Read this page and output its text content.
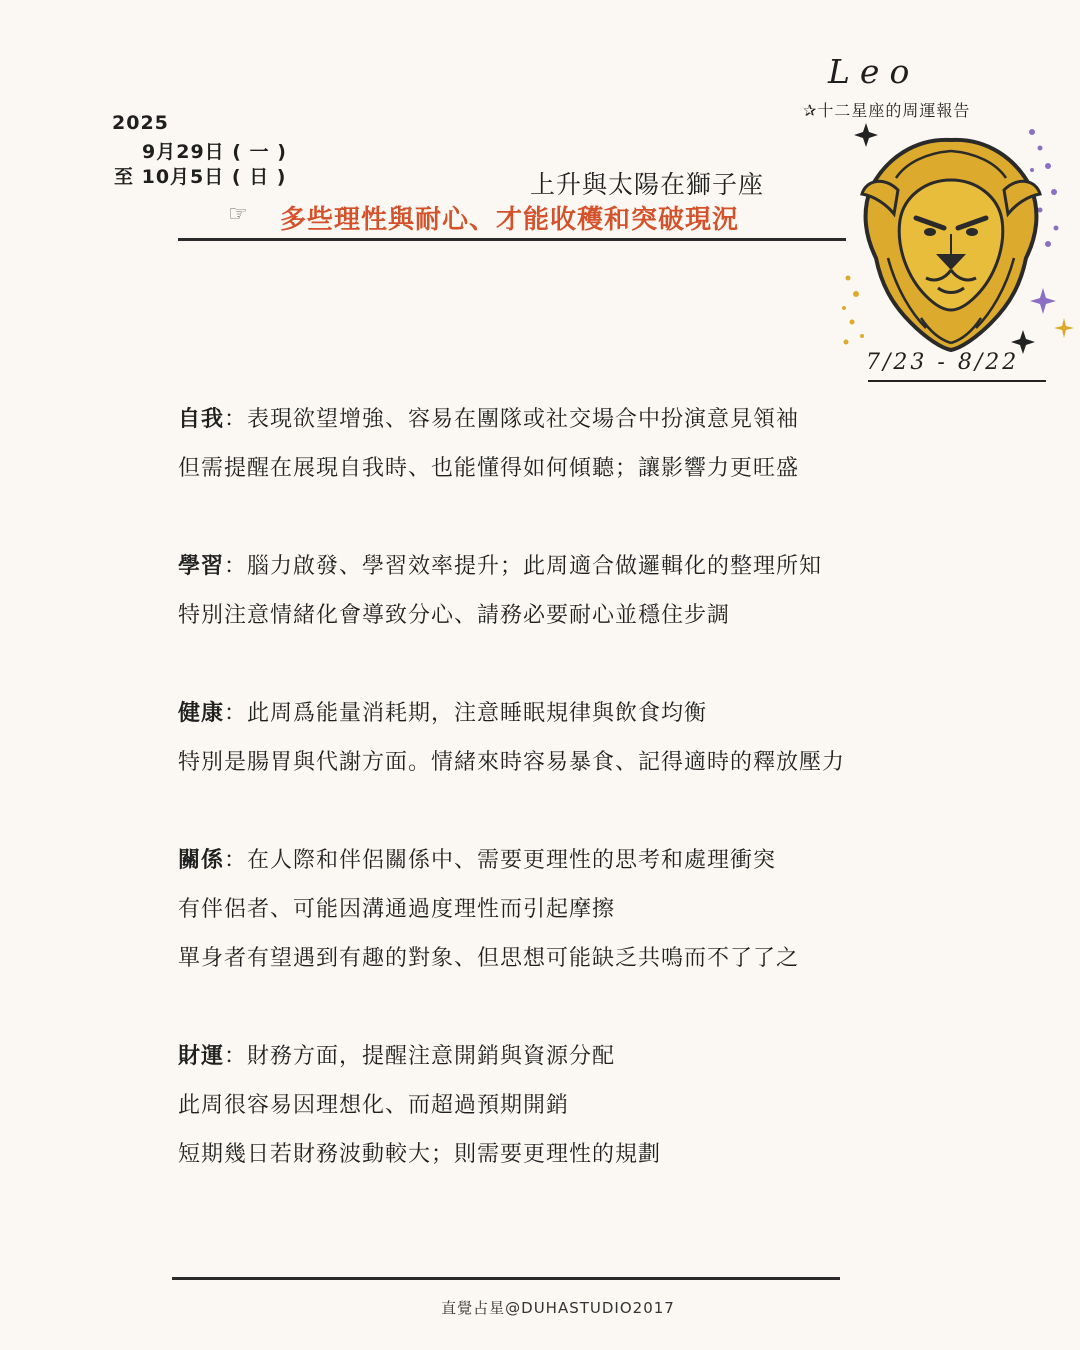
2025
9月29日 ( 一 )
至 10月5日 ( 日 )	上升與太陽在獅子座
☞ 多些理性與耐心、才能收穫和突破現況
Leo
✰十二星座的周運報告
7/23 - 8/22
自我：表現欲望增強、容易在團隊或社交場合中扮演意見領袖
但需提醒在展現自我時、也能懂得如何傾聽；讓影響力更旺盛
學習：腦力啟發、學習效率提升；此周適合做邏輯化的整理所知
特別注意情緒化會導致分心、請務必要耐心並穩住步調
健康：此周爲能量消耗期，注意睡眠規律與飲食均衡
特別是腸胃與代謝方面。情緒來時容易暴食、記得適時的釋放壓力
關係：在人際和伴侶關係中、需要更理性的思考和處理衝突
有伴侶者、可能因溝通過度理性而引起摩擦
單身者有望遇到有趣的對象、但思想可能缺乏共鳴而不了了之
財運：財務方面，提醒注意開銷與資源分配
此周很容易因理想化、而超過預期開銷
短期幾日若財務波動較大；則需要更理性的規劃
直覺占星@DUHASTUDIO2017
